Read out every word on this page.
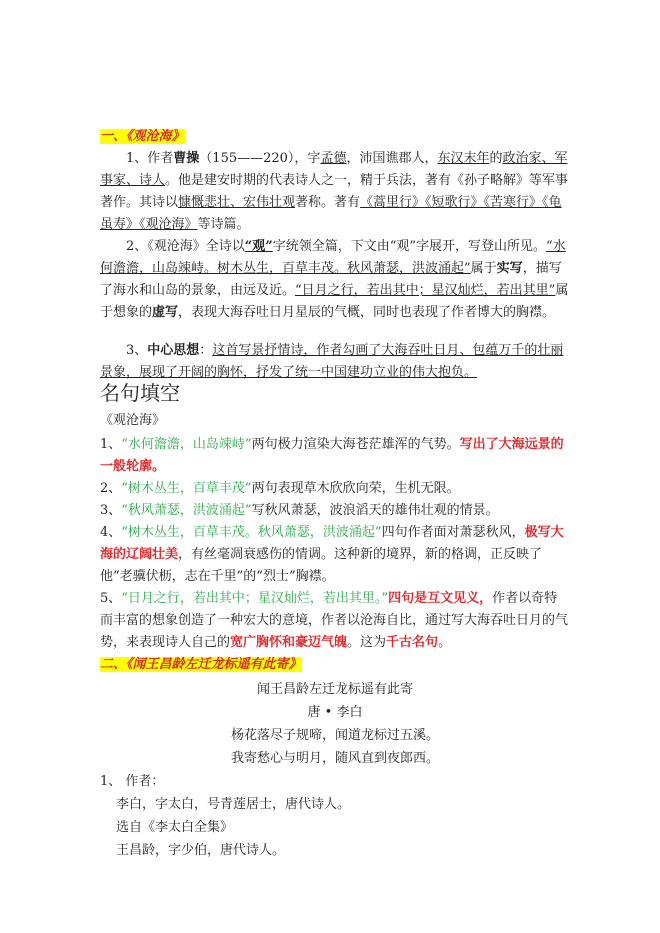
一、《观沧海》

1、作者曹操（155——220），字孟德，沛国谯郡人，东汉末年的政治家、军事家、诗人。他是建安时期的代表诗人之一，精于兵法，著有《孙子略解》等军事著作。其诗以慷慨悲壮、宏伟壮观著称。著有《蒿里行》《短歌行》《苦寒行》《龟虽寿》《观沧海》等诗篇。

2、《观沧海》全诗以“观”字统领全篇，下文由“观”字展开，写登山所见。“水何澹澹，山岛竦峙。树木丛生，百草丰茂。秋风萧瑟，洪波涌起”属于实写，描写了海水和山岛的景象，由远及近。“日月之行，若出其中；星汉灿烂，若出其里”属于想象的虚写，表现大海吞吐日月星辰的气概，同时也表现了作者博大的胸襟。

3、中心思想：这首写景抒情诗，作者勾画了大海吞吐日月、包蕴万千的壮丽景象，展现了开阔的胸怀，抒发了统一中国建功立业的伟大抱负。

名句填空

《观沧海》

1、“水何澹澹，山岛竦峙”两句极力渲染大海苍茫雄浑的气势。写出了大海远景的一般轮廓。

2、“树木丛生，百草丰茂”两句表现草木欣欣向荣，生机无限。

3、“秋风萧瑟，洪波涌起”写秋风萧瑟，波浪滔天的雄伟壮观的情景。

4、“树木丛生，百草丰茂。秋风萧瑟，洪波涌起”四句作者面对萧瑟秋风，极写大海的辽阔壮美，有丝毫凋衰感伤的情调。这种新的境界，新的格调，正反映了他“老骥伏枥，志在千里”的“烈士”胸襟。

5、“日月之行，若出其中；星汉灿烂，若出其里。”四句是互文见义，作者以奇特而丰富的想象创造了一种宏大的意境，作者以沧海自比，通过写大海吞吐日月的气势，来表现诗人自己的宽广胸怀和豪迈气魄。这为千古名句。

二、《闻王昌龄左迁龙标遥有此寄》

闻王昌龄左迁龙标遥有此寄

唐 • 李白

杨花落尽子规啼，闻道龙标过五溪。

我寄愁心与明月，随风直到夜郎西。

1、 作者：

李白，字太白，号青莲居士，唐代诗人。

选自《李太白全集》

王昌龄，字少伯，唐代诗人。
